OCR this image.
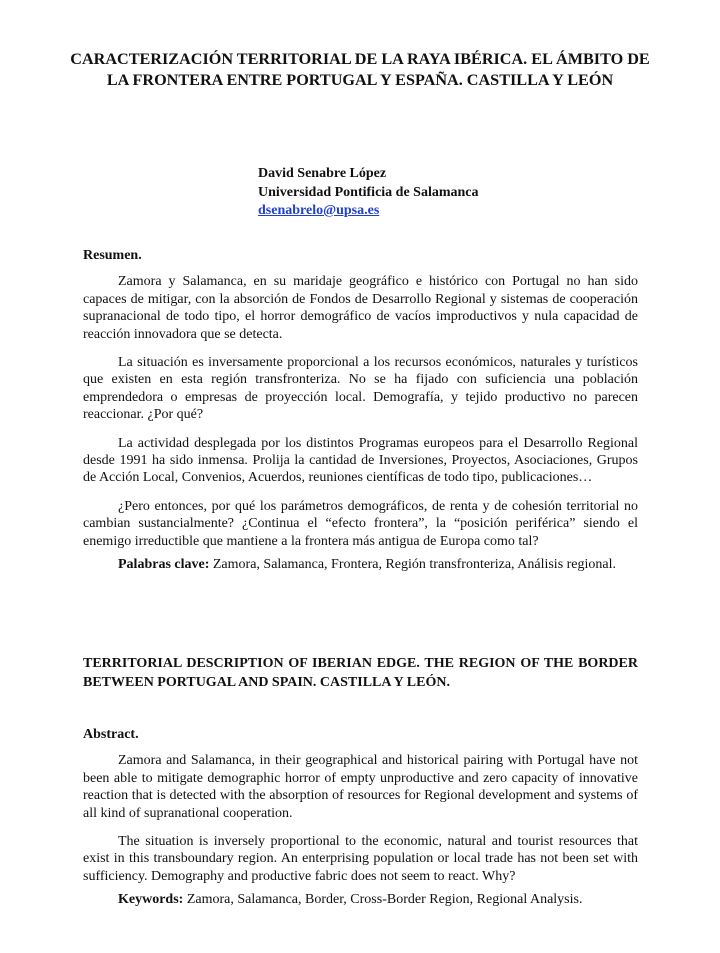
CARACTERIZACIÓN TERRITORIAL DE LA RAYA IBÉRICA. EL ÁMBITO DE LA FRONTERA ENTRE PORTUGAL Y ESPAÑA. CASTILLA Y LEÓN
David Senabre López
Universidad Pontificia de Salamanca
dsenabrelo@upsa.es
Resumen.

Zamora y Salamanca, en su maridaje geográfico e histórico con Portugal no han sido capaces de mitigar, con la absorción de Fondos de Desarrollo Regional y sistemas de cooperación supranacional de todo tipo, el horror demográfico de vacíos improductivos y nula capacidad de reacción innovadora que se detecta.

La situación es inversamente proporcional a los recursos económicos, naturales y turísticos que existen en esta región transfronteriza. No se ha fijado con suficiencia una población emprendedora o empresas de proyección local. Demografía, y tejido productivo no parecen reaccionar. ¿Por qué?

La actividad desplegada por los distintos Programas europeos para el Desarrollo Regional desde 1991 ha sido inmensa. Prolija la cantidad de Inversiones, Proyectos, Asociaciones, Grupos de Acción Local, Convenios, Acuerdos, reuniones científicas de todo tipo, publicaciones…

¿Pero entonces, por qué los parámetros demográficos, de renta y de cohesión territorial no cambian sustancialmente? ¿Continua el “efecto frontera”, la “posición periférica” siendo el enemigo irreductible que mantiene a la frontera más antigua de Europa como tal?

Palabras clave: Zamora, Salamanca, Frontera, Región transfronteriza, Análisis regional.

TERRITORIAL DESCRIPTION OF IBERIAN EDGE. THE REGION OF THE BORDER BETWEEN PORTUGAL AND SPAIN. CASTILLA Y LEÓN.
Abstract.

Zamora and Salamanca, in their geographical and historical pairing with Portugal have not been able to mitigate demographic horror of empty unproductive and zero capacity of innovative reaction that is detected with the absorption of resources for Regional development and systems of all kind of supranational cooperation.

The situation is inversely proportional to the economic, natural and tourist resources that exist in this transboundary region. An enterprising population or local trade has not been set with sufficiency. Demography and productive fabric does not seem to react. Why?

Keywords: Zamora, Salamanca, Border, Cross-Border Region, Regional Analysis.
